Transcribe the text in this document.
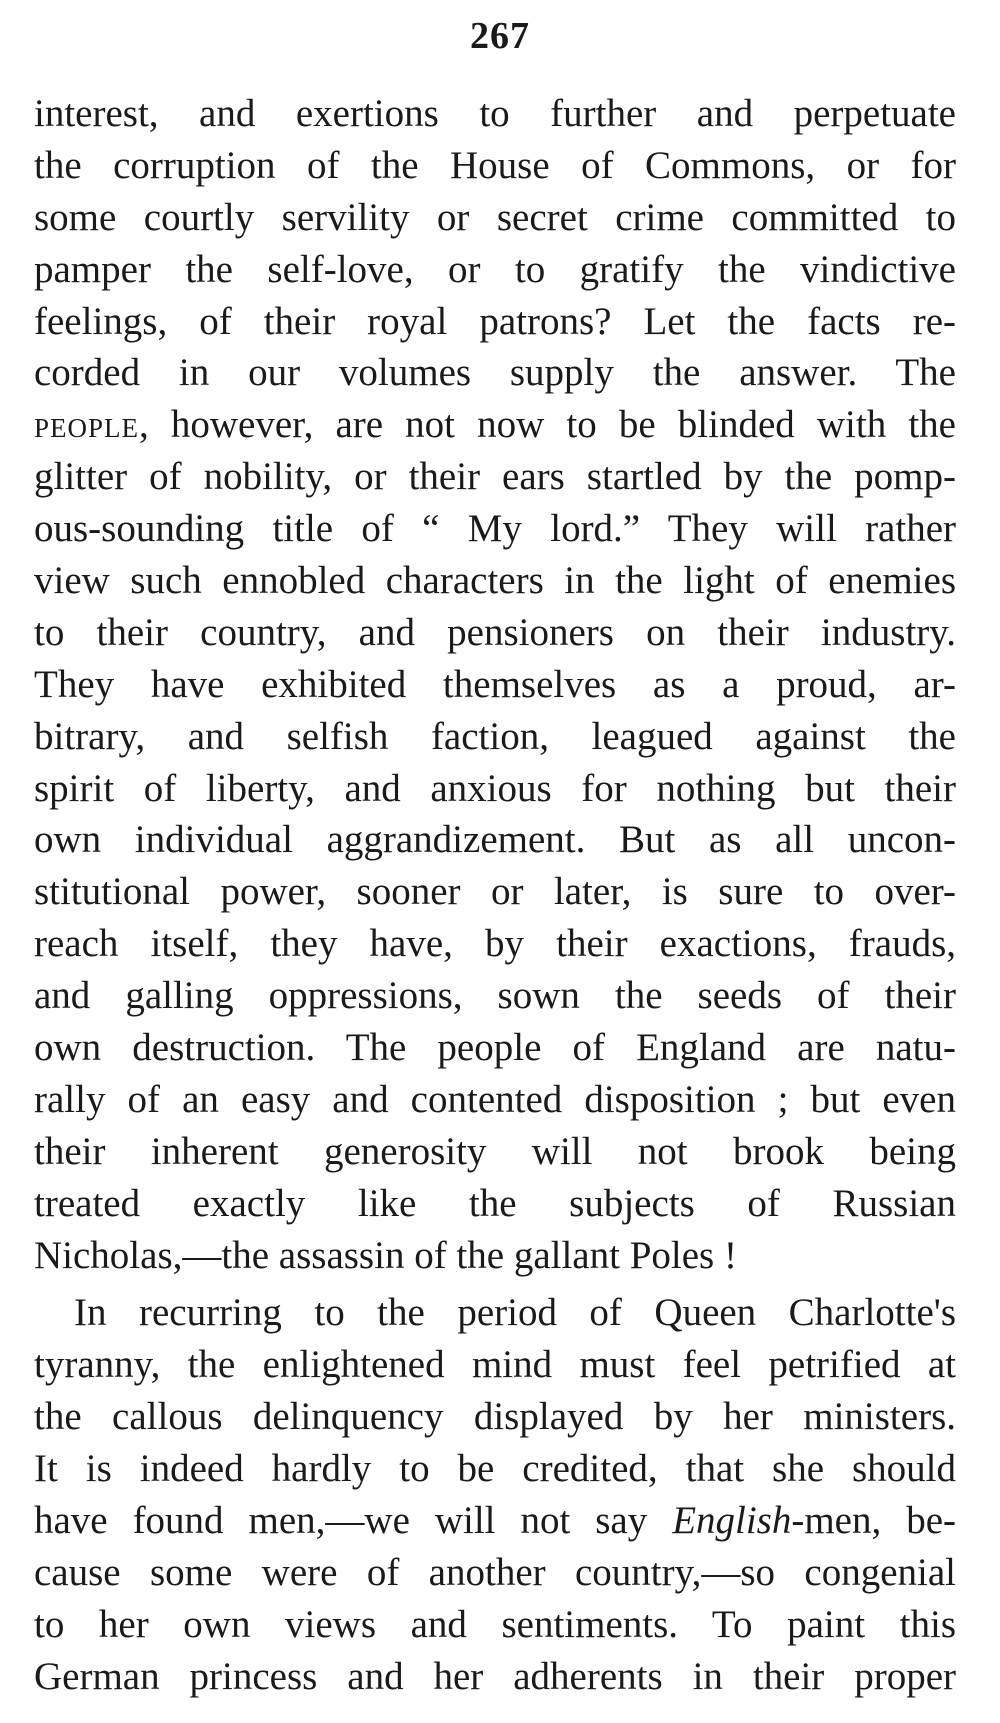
267
interest, and exertions to further and perpetuate
the corruption of the House of Commons, or for
some courtly servility or secret crime committed to
pamper the self-love, or to gratify the vindictive
feelings, of their royal patrons? Let the facts re-
corded in our volumes supply the answer. The
people, however, are not now to be blinded with the
glitter of nobility, or their ears startled by the pomp-
ous-sounding title of “ My lord.” They will rather
view such ennobled characters in the light of enemies
to their country, and pensioners on their industry.
They have exhibited themselves as a proud, ar-
bitrary, and selfish faction, leagued against the
spirit of liberty, and anxious for nothing but their
own individual aggrandizement. But as all uncon-
stitutional power, sooner or later, is sure to over-
reach itself, they have, by their exactions, frauds,
and galling oppressions, sown the seeds of their
own destruction. The people of England are natu-
rally of an easy and contented disposition ; but even
their inherent generosity will not brook being
treated exactly like the subjects of Russian
Nicholas,—the assassin of the gallant Poles !
In recurring to the period of Queen Charlotte's
tyranny, the enlightened mind must feel petrified at
the callous delinquency displayed by her ministers.
It is indeed hardly to be credited, that she should
have found men,—we will not say English-men, be-
cause some were of another country,—so congenial
to her own views and sentiments. To paint this
German princess and her adherents in their proper
